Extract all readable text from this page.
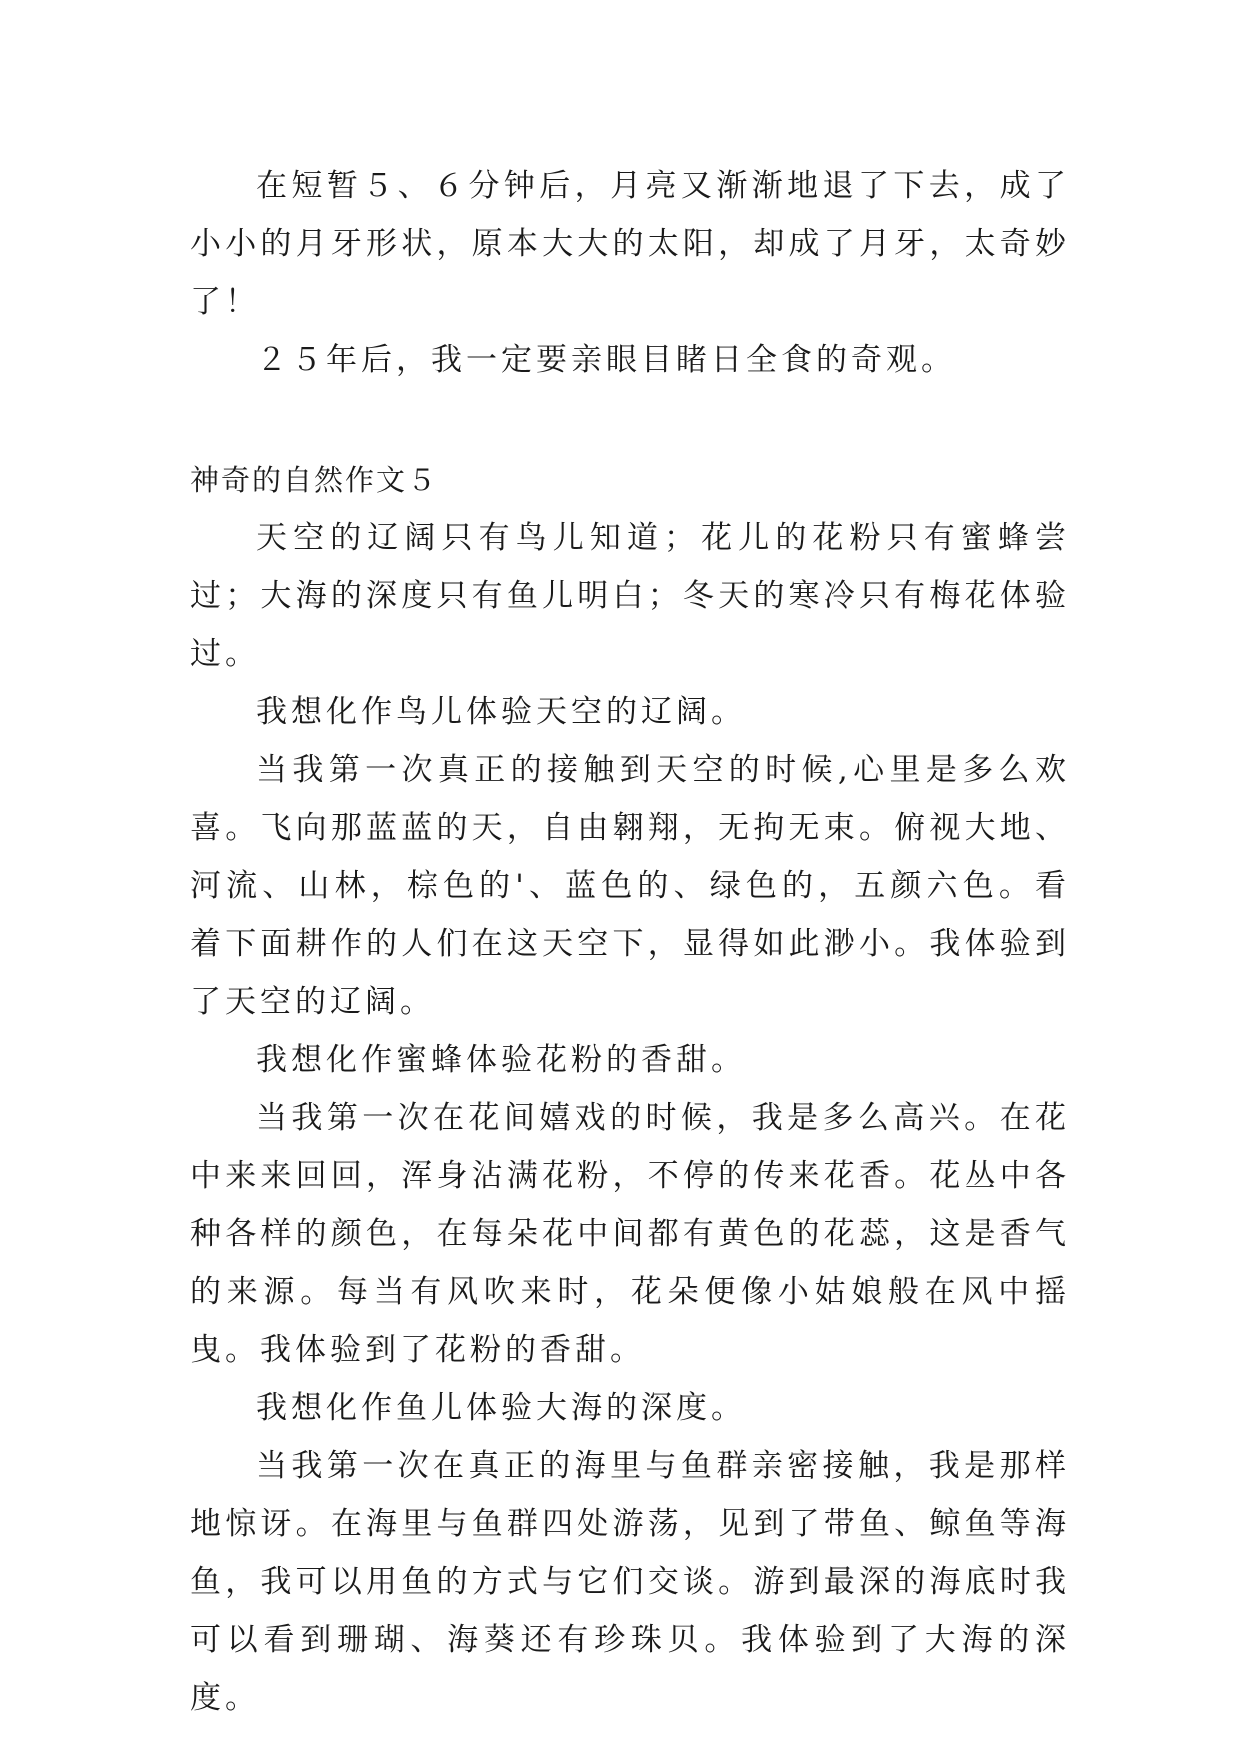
在短暂５、６分钟后，月亮又渐渐地退了下去，成了小小的月牙形状，原本大大的太阳，却成了月牙，太奇妙了！

２５年后，我一定要亲眼目睹日全食的奇观。

神奇的自然作文５

天空的辽阔只有鸟儿知道；花儿的花粉只有蜜蜂尝过；大海的深度只有鱼儿明白；冬天的寒冷只有梅花体验过。

我想化作鸟儿体验天空的辽阔。

当我第一次真正的接触到天空的时候,心里是多么欢喜。飞向那蓝蓝的天，自由翱翔，无拘无束。俯视大地、河流、山林，棕色的'、蓝色的、绿色的，五颜六色。看着下面耕作的人们在这天空下，显得如此渺小。我体验到了天空的辽阔。

我想化作蜜蜂体验花粉的香甜。

当我第一次在花间嬉戏的时候，我是多么高兴。在花中来来回回，浑身沾满花粉，不停的传来花香。花丛中各种各样的颜色，在每朵花中间都有黄色的花蕊，这是香气的来源。每当有风吹来时，花朵便像小姑娘般在风中摇曳。我体验到了花粉的香甜。

我想化作鱼儿体验大海的深度。

当我第一次在真正的海里与鱼群亲密接触，我是那样地惊讶。在海里与鱼群四处游荡，见到了带鱼、鲸鱼等海鱼，我可以用鱼的方式与它们交谈。游到最深的海底时我可以看到珊瑚、海葵还有珍珠贝。我体验到了大海的深度。
